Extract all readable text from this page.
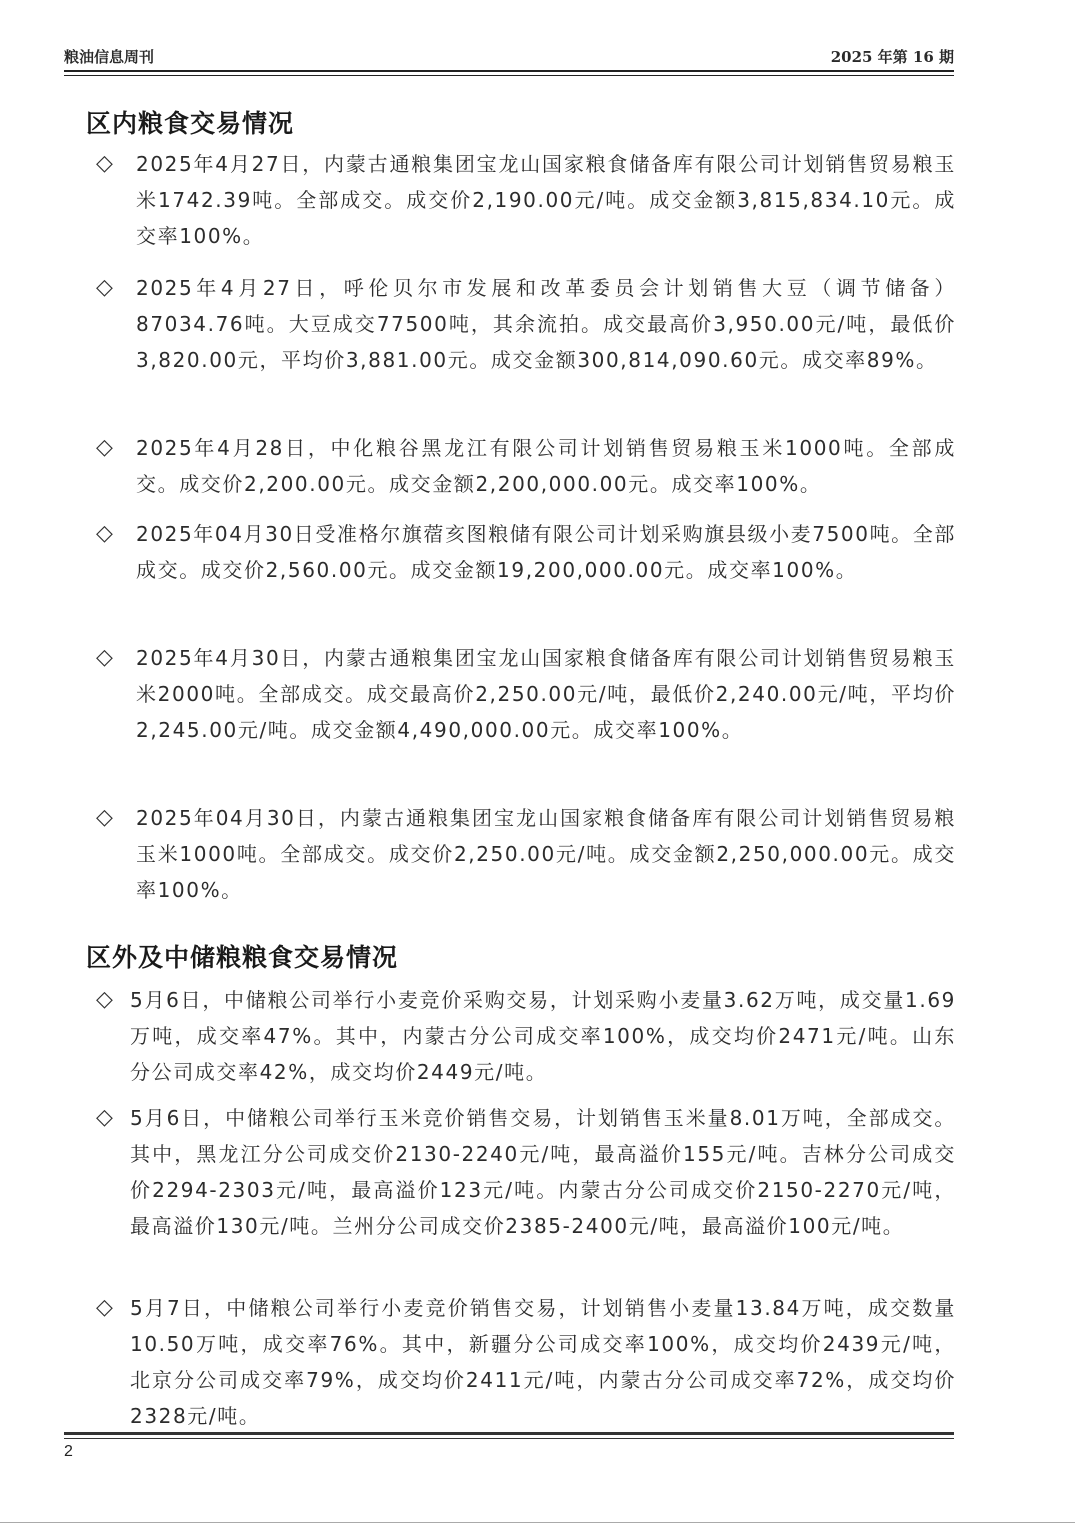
粮油信息周刊	2025 年第 16 期
区内粮食交易情况
◇ 2025年4月27日，内蒙古通粮集团宝龙山国家粮食储备库有限公司计划销售贸易粮玉米1742.39吨。全部成交。成交价2,190.00元/吨。成交金额3,815,834.10元。成交率100%。
◇ 2025年4月27日，呼伦贝尔市发展和改革委员会计划销售大豆（调节储备）87034.76吨。大豆成交77500吨，其余流拍。成交最高价3,950.00元/吨，最低价3,820.00元，平均价3,881.00元。成交金额300,814,090.60元。成交率89%。
◇ 2025年4月28日，中化粮谷黑龙江有限公司计划销售贸易粮玉米1000吨。全部成交。成交价2,200.00元。成交金额2,200,000.00元。成交率100%。
◇ 2025年04月30日受准格尔旗蓿亥图粮储有限公司计划采购旗县级小麦7500吨。全部成交。成交价2,560.00元。成交金额19,200,000.00元。成交率100%。
◇ 2025年4月30日，内蒙古通粮集团宝龙山国家粮食储备库有限公司计划销售贸易粮玉米2000吨。全部成交。成交最高价2,250.00元/吨，最低价2,240.00元/吨，平均价2,245.00元/吨。成交金额4,490,000.00元。成交率100%。
◇ 2025年04月30日，内蒙古通粮集团宝龙山国家粮食储备库有限公司计划销售贸易粮玉米1000吨。全部成交。成交价2,250.00元/吨。成交金额2,250,000.00元。成交率100%。
区外及中储粮粮食交易情况
◇ 5月6日，中储粮公司举行小麦竞价采购交易，计划采购小麦量3.62万吨，成交量1.69万吨，成交率47%。其中，内蒙古分公司成交率100%，成交均价2471元/吨。山东分公司成交率42%，成交均价2449元/吨。
◇ 5月6日，中储粮公司举行玉米竞价销售交易，计划销售玉米量8.01万吨，全部成交。其中，黑龙江分公司成交价2130-2240元/吨，最高溢价155元/吨。吉林分公司成交价2294-2303元/吨，最高溢价123元/吨。内蒙古分公司成交价2150-2270元/吨，最高溢价130元/吨。兰州分公司成交价2385-2400元/吨，最高溢价100元/吨。
◇ 5月7日，中储粮公司举行小麦竞价销售交易，计划销售小麦量13.84万吨，成交数量10.50万吨，成交率76%。其中，新疆分公司成交率100%，成交均价2439元/吨，北京分公司成交率79%，成交均价2411元/吨，内蒙古分公司成交率72%，成交均价2328元/吨。
2
